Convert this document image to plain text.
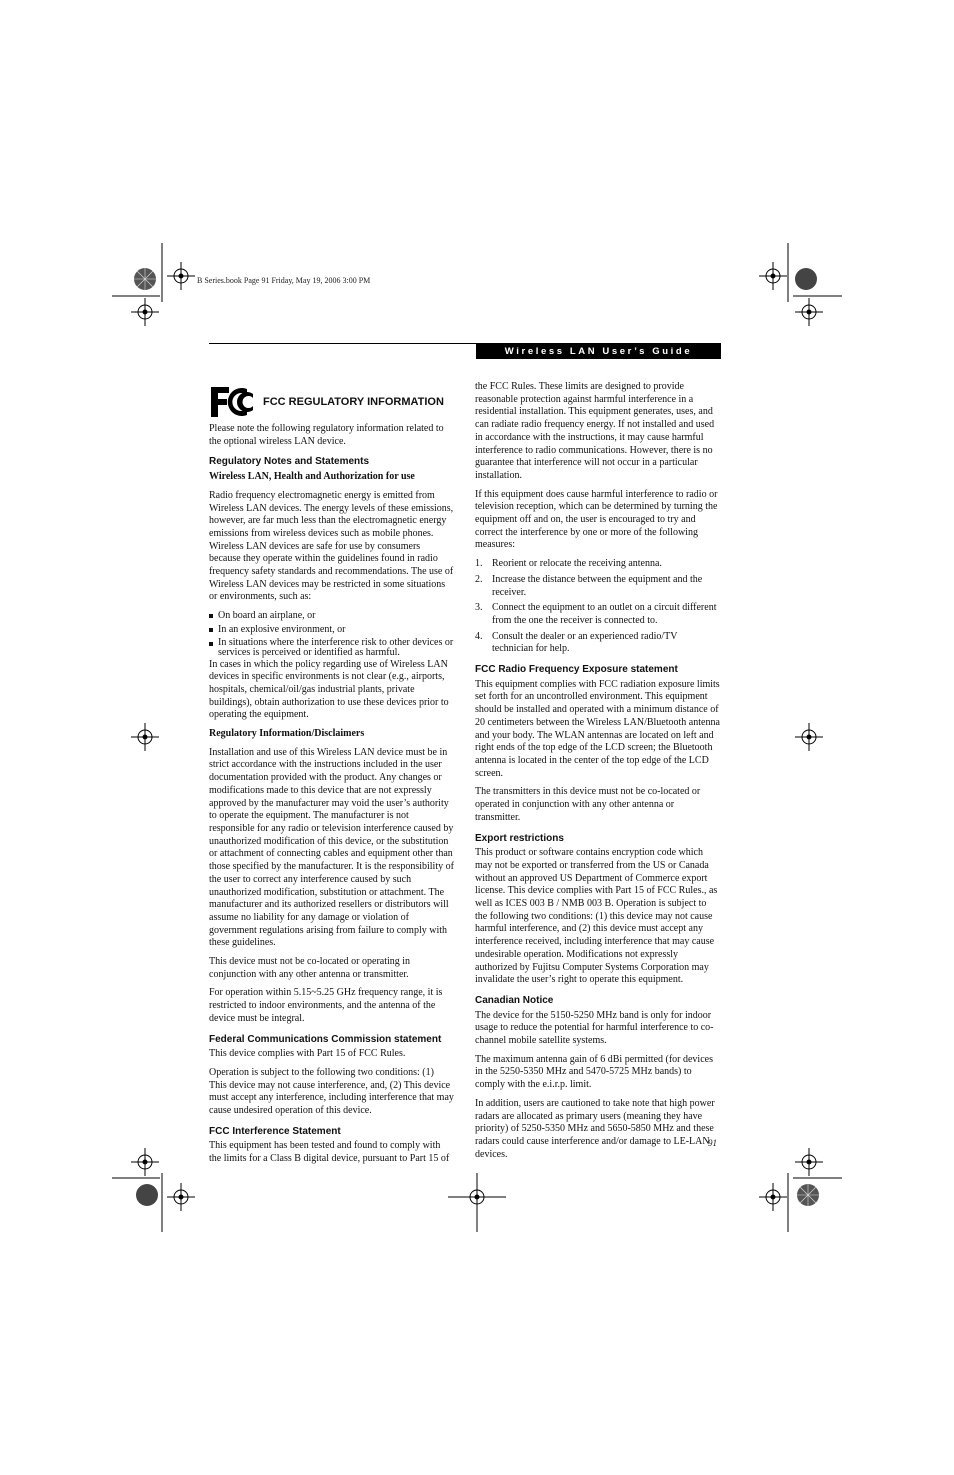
B Series.book Page 91 Friday, May 19, 2006 3:00 PM
Wireless LAN User’s Guide
FCC REGULATORY INFORMATION

Please note the following regulatory information related to the optional wireless LAN device.

Regulatory Notes and Statements
Wireless LAN, Health and Authorization for use

Radio frequency electromagnetic energy is emitted from Wireless LAN devices. The energy levels of these emissions, however, are far much less than the electromagnetic energy emissions from wireless devices such as mobile phones. Wireless LAN devices are safe for use by consumers because they operate within the guidelines found in radio frequency safety standards and recommendations. The use of Wireless LAN devices may be restricted in some situations or environments, such as:

On board an airplane, or
In an explosive environment, or
In situations where the interference risk to other devices or services is perceived or identified as harmful.

In cases in which the policy regarding use of Wireless LAN devices in specific environments is not clear (e.g., airports, hospitals, chemical/oil/gas industrial plants, private buildings), obtain authorization to use these devices prior to operating the equipment.

Regulatory Information/Disclaimers

Installation and use of this Wireless LAN device must be in strict accordance with the instructions included in the user documentation provided with the product. Any changes or modifications made to this device that are not expressly approved by the manufacturer may void the user’s authority to operate the equipment. The manufacturer is not responsible for any radio or television interference caused by unauthorized modification of this device, or the substitution or attachment of connecting cables and equipment other than those specified by the manufacturer. It is the responsibility of the user to correct any interference caused by such unauthorized modification, substitution or attachment. The manufacturer and its authorized resellers or distributors will assume no liability for any damage or violation of government regulations arising from failure to comply with these guidelines.

This device must not be co-located or operating in conjunction with any other antenna or transmitter.

For operation within 5.15~5.25 GHz frequency range, it is restricted to indoor environments, and the antenna of the device must be integral.

Federal Communications Commission statement

This device complies with Part 15 of FCC Rules.

Operation is subject to the following two conditions: (1) This device may not cause interference, and, (2) This device must accept any interference, including interference that may cause undesired operation of this device.

FCC Interference Statement

This equipment has been tested and found to comply with the limits for a Class B digital device, pursuant to Part 15 of

the FCC Rules. These limits are designed to provide reasonable protection against harmful interference in a residential installation. This equipment generates, uses, and can radiate radio frequency energy. If not installed and used in accordance with the instructions, it may cause harmful interference to radio communications. However, there is no guarantee that interference will not occur in a particular installation.

If this equipment does cause harmful interference to radio or television reception, which can be determined by turning the equipment off and on, the user is encouraged to try and correct the interference by one or more of the following measures:

1. Reorient or relocate the receiving antenna.
2. Increase the distance between the equipment and the receiver.
3. Connect the equipment to an outlet on a circuit different from the one the receiver is connected to.
4. Consult the dealer or an experienced radio/TV technician for help.
FCC Radio Frequency Exposure statement

This equipment complies with FCC radiation exposure limits set forth for an uncontrolled environment. This equipment should be installed and operated with a minimum distance of 20 centimeters between the Wireless LAN/Bluetooth antenna and your body. The WLAN antennas are located on left and right ends of the top edge of the LCD screen; the Bluetooth antenna is located in the center of the top edge of the LCD screen.

The transmitters in this device must not be co-located or operated in conjunction with any other antenna or transmitter.

Export restrictions

This product or software contains encryption code which may not be exported or transferred from the US or Canada without an approved US Department of Commerce export license. This device complies with Part 15 of FCC Rules., as well as ICES 003 B / NMB 003 B. Operation is subject to the following two conditions: (1) this device may not cause harmful interference, and (2) this device must accept any interference received, including interference that may cause undesirable operation. Modifications not expressly authorized by Fujitsu Computer Systems Corporation may invalidate the user’s right to operate this equipment.

Canadian Notice

The device for the 5150-5250 MHz band is only for indoor usage to reduce the potential for harmful interference to co-channel mobile satellite systems.

The maximum antenna gain of 6 dBi permitted (for devices in the 5250-5350 MHz and 5470-5725 MHz bands) to comply with the e.i.r.p. limit.

In addition, users are cautioned to take note that high power radars are allocated as primary users (meaning they have priority) of 5250-5350 MHz and 5650-5850 MHz and these radars could cause interference and/or damage to LE-LAN devices.

91
